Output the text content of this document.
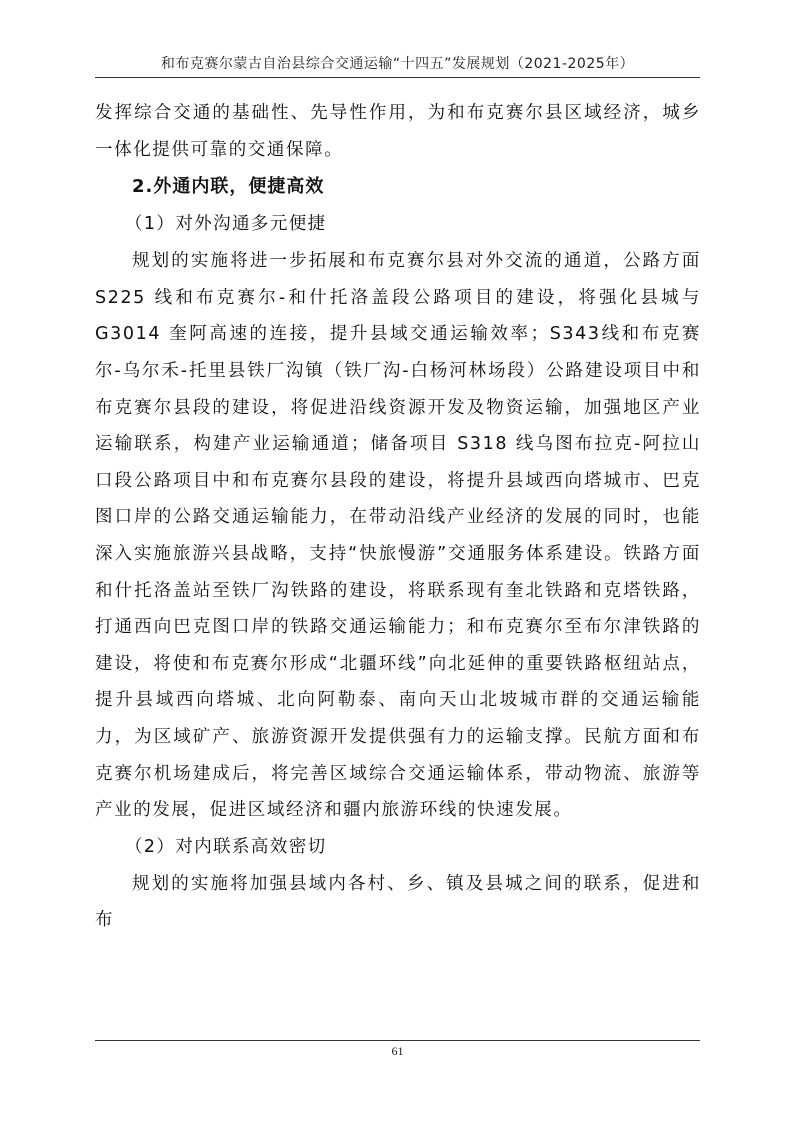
和布克赛尔蒙古自治县综合交通运输“十四五”发展规划（2021-2025年）

发挥综合交通的基础性、先导性作用，为和布克赛尔县区域经济，城乡一体化提供可靠的交通保障。

2.外通内联，便捷高效

（1）对外沟通多元便捷

规划的实施将进一步拓展和布克赛尔县对外交流的通道，公路方面S225 线和布克赛尔-和什托洛盖段公路项目的建设，将强化县城与 G3014 奎阿高速的连接，提升县域交通运输效率；S343线和布克赛尔-乌尔禾-托里县铁厂沟镇（铁厂沟-白杨河林场段）公路建设项目中和布克赛尔县段的建设，将促进沿线资源开发及物资运输，加强地区产业运输联系，构建产业运输通道；储备项目 S318 线乌图布拉克-阿拉山口段公路项目中和布克赛尔县段的建设，将提升县域西向塔城市、巴克图口岸的公路交通运输能力，在带动沿线产业经济的发展的同时，也能深入实施旅游兴县战略，支持“快旅慢游”交通服务体系建设。铁路方面和什托洛盖站至铁厂沟铁路的建设，将联系现有奎北铁路和克塔铁路，打通西向巴克图口岸的铁路交通运输能力；和布克赛尔至布尔津铁路的建设，将使和布克赛尔形成“北疆环线”向北延伸的重要铁路枢纽站点，提升县域西向塔城、北向阿勒泰、南向天山北坡城市群的交通运输能力，为区域矿产、旅游资源开发提供强有力的运输支撑。民航方面和布克赛尔机场建成后，将完善区域综合交通运输体系，带动物流、旅游等产业的发展，促进区域经济和疆内旅游环线的快速发展。

（2）对内联系高效密切

规划的实施将加强县域内各村、乡、镇及县城之间的联系，促进和布

61
